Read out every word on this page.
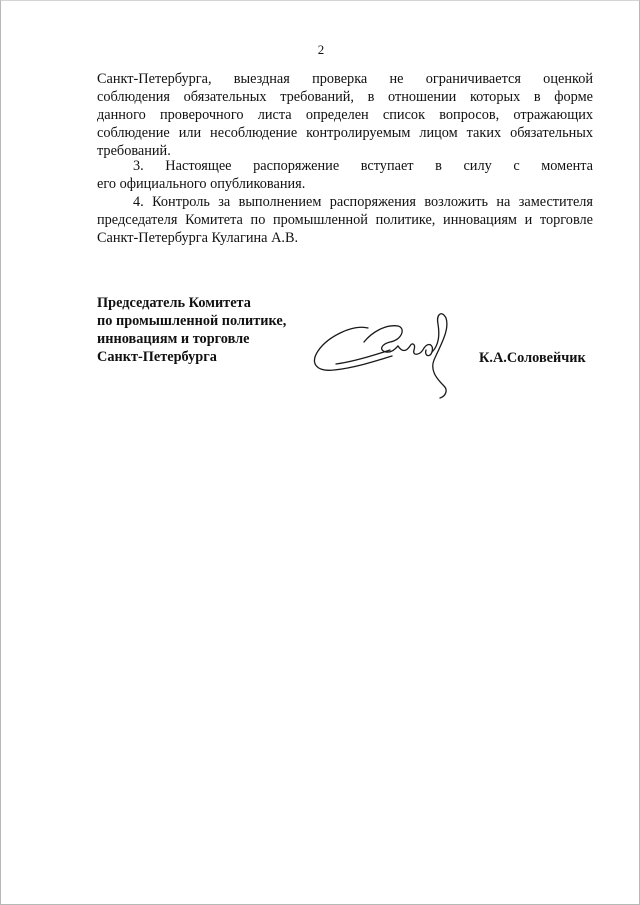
2
Санкт-Петербурга, выездная проверка не ограничивается оценкой
соблюдения обязательных требований, в отношении которых в форме
данного проверочного листа определен список вопросов, отражающих
соблюдение или несоблюдение контролируемым лицом таких обязательных
требований.
3. Настоящее распоряжение вступает в силу с момента
его официального опубликования.
4. Контроль за выполнением распоряжения возложить на заместителя
председателя Комитета по промышленной политике, инновациям и торговле
Санкт-Петербурга Кулагина А.В.
Председатель Комитета
по промышленной политике,
инновациям и торговле
Санкт-Петербурга	К.А.Соловейчик
